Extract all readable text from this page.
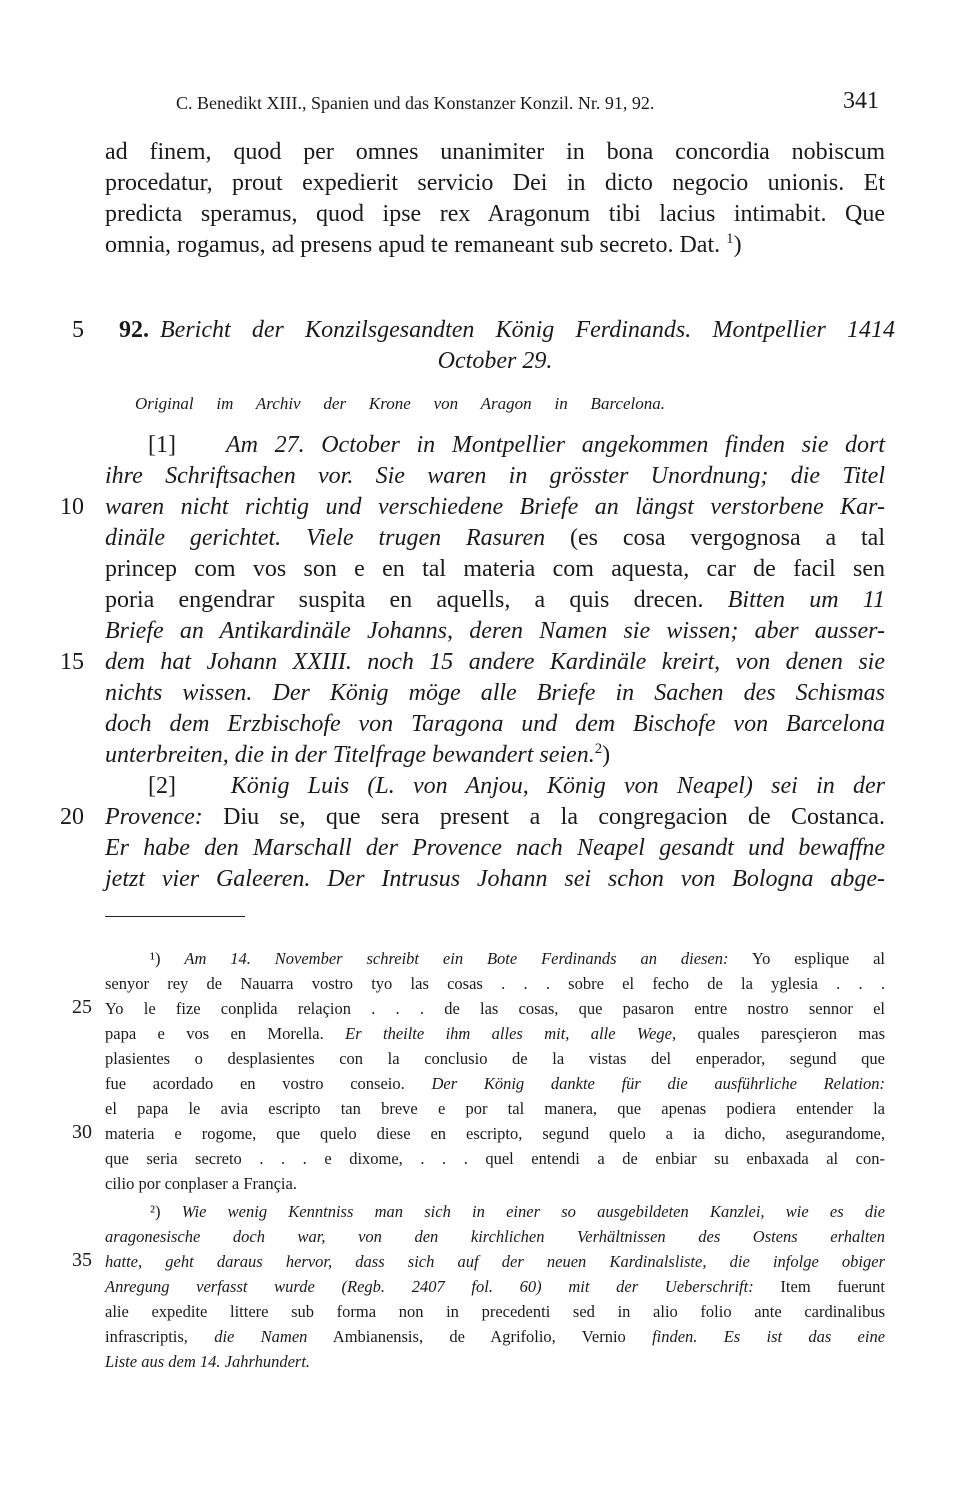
C. Benedikt XIII., Spanien und das Konstanzer Konzil. Nr. 91, 92.	341
ad finem, quod per omnes unanimiter in bona concordia nobiscum
procedatur, prout expedierit servicio Dei in dicto negocio unionis. Et
predicta speramus, quod ipse rex Aragonum tibi lacius intimabit. Que
omnia, rogamus, ad presens apud te remaneant sub secreto. Dat. $^1$)
5	92. Bericht der Konzilsgesandten König Ferdinands. Montpellier 1414
October 29.
Original im Archiv der Krone von Aragon in Barcelona.
[1] Am 27. October in Montpellier angekommen finden sie dort
ihre Schriftsachen vor. Sie waren in grösster Unordnung; die Titel
10 waren nicht richtig und verschiedene Briefe an längst verstorbene Kar-
dinäle gerichtet. Viele trugen Rasuren (es cosa vergognosa a tal
princep com vos son e en tal materia com aquesta, car de facil sen
poria engendrar suspita en aquells, a quis drecen. Bitten um 11
Briefe an Antikardinäle Johanns, deren Namen sie wissen; aber ausser-
15 dem hat Johann XXIII. noch 15 andere Kardinäle kreirt, von denen sie
nichts wissen. Der König möge alle Briefe in Sachen des Schismas
doch dem Erzbischofe von Taragona und dem Bischofe von Barcelona
unterbreiten, die in der Titelfrage bewandert seien.$^2$)
[2] König Luis (L. von Anjou, König von Neapel) sei in der
20 Provence: Diu se, que sera present a la congregacion de Costanca.
Er habe den Marschall der Provence nach Neapel gesandt und bewaffne
jetzt vier Galeeren. Der Intrusus Johann sei schon von Bologna abge-
¹) Am 14. November schreibt ein Bote Ferdinands an diesen: Yo esplique al
senyor rey de Nauarra vostro tyo las cosas . . . sobre el fecho de la yglesia . . .
25 Yo le fize conplida relaçion . . . de las cosas, que pasaron entre nostro sennor el
papa e vos en Morella. Er theilte ihm alles mit, alle Wege, quales paresçieron mas
plasientes o desplasientes con la conclusio de la vistas del enperador, segund que
fue acordado en vostro conseio. Der König dankte für die ausführliche Relation:
el papa le avia escripto tan breve e por tal manera, que apenas podiera entender la
30 materia e rogome, que quelo diese en escripto, segund quelo a ia dicho, asegurandome,
que seria secreto . . . e dixome, . . . quel entendi a de enbiar su enbaxada al con-
cilio por conplaser a Françia.
²) Wie wenig Kenntniss man sich in einer so ausgebildeten Kanzlei, wie es die
aragonesische doch war, von den kirchlichen Verhältnissen des Ostens erhalten
35 hatte, geht daraus hervor, dass sich auf der neuen Kardinalsliste, die infolge obiger
Anregung verfasst wurde (Regb. 2407 fol. 60) mit der Ueberschrift: Item fuerunt
alie expedite littere sub forma non in precedenti sed in alio folio ante cardinalibus
infrascriptis, die Namen Ambianensis, de Agrifolio, Vernio finden. Es ist das eine
Liste aus dem 14. Jahrhundert.
